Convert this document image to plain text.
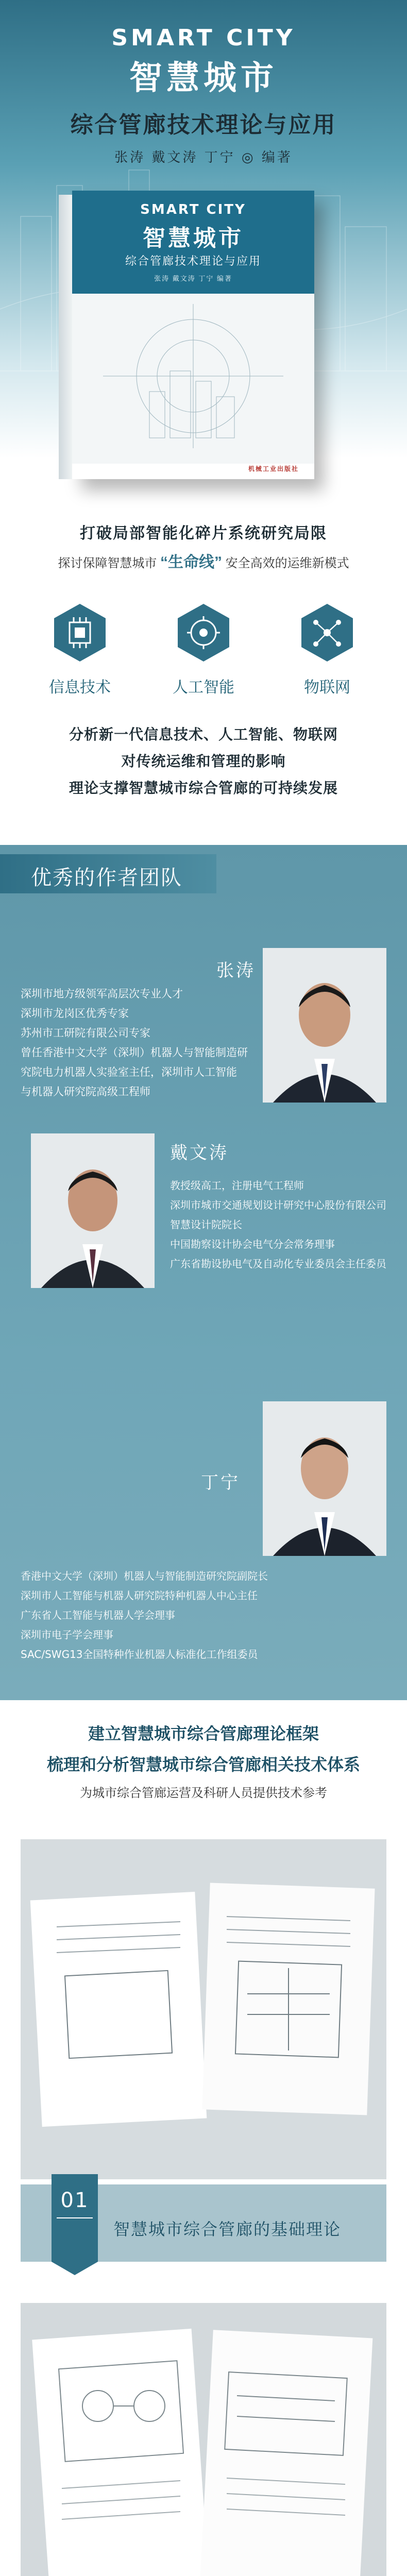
SMART CITY
智慧城市
综合管廊技术理论与应用
张涛 戴文涛 丁宁 ◎ 编著
SMART CITY
智慧城市
综合管廊技术理论与应用
张涛 戴文涛 丁宁 编著
机械工业出版社
打破局部智能化碎片系统研究局限
探讨保障智慧城市 “生命线” 安全高效的运维新模式
信息技术	人工智能	物联网
分析新一代信息技术、人工智能、物联网
对传统运维和管理的影响
理论支撑智慧城市综合管廊的可持续发展
优秀的作者团队
张涛
深圳市地方级领军高层次专业人才
深圳市龙岗区优秀专家
苏州市工研院有限公司专家
曾任香港中文大学（深圳）机器人与智能制造研
究院电力机器人实验室主任，深圳市人工智能
与机器人研究院高级工程师
戴文涛
教授级高工，注册电气工程师
深圳市城市交通规划设计研究中心股份有限公司
智慧设计院院长
中国勘察设计协会电气分会常务理事
广东省勘设协电气及自动化专业委员会主任委员
丁宁
香港中文大学（深圳）机器人与智能制造研究院副院长
深圳市人工智能与机器人研究院特种机器人中心主任
广东省人工智能与机器人学会理事
深圳市电子学会理事
SAC/SWG13全国特种作业机器人标准化工作组委员
建立智慧城市综合管廊理论框架
梳理和分析智慧城市综合管廊相关技术体系
为城市综合管廊运营及科研人员提供技术参考
01
智慧城市综合管廊的基础理论
